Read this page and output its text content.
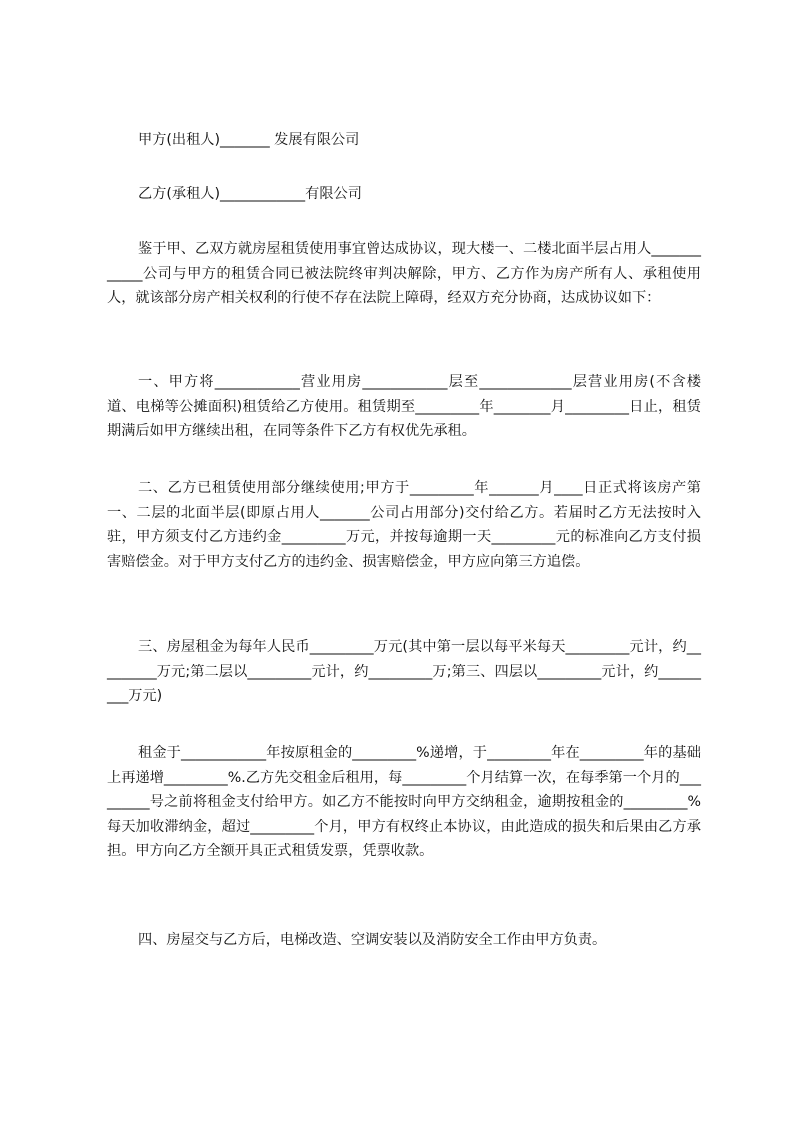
甲方(出租人)_______ 发展有限公司
乙方(承租人)____________有限公司

鉴于甲、乙双方就房屋租赁使用事宜曾达成协议，现大楼一、二楼北面半层占用人____________公司与甲方的租赁合同已被法院终审判决解除，甲方、乙方作为房产所有人、承租使用人，就该部分房产相关权利的行使不存在法院上障碍，经双方充分协商，达成协议如下：

一、甲方将____________营业用房____________层至_____________层营业用房(不含楼道、电梯等公摊面积)租赁给乙方使用。租赁期至_________年________月_________日止，租赁期满后如甲方继续出租，在同等条件下乙方有权优先承租。

二、乙方已租赁使用部分继续使用;甲方于_________年_______月____日正式将该房产第一、二层的北面半层(即原占用人_______公司占用部分)交付给乙方。若届时乙方无法按时入驻，甲方须支付乙方违约金_________万元，并按每逾期一天_________元的标准向乙方支付损害赔偿金。对于甲方支付乙方的违约金、损害赔偿金，甲方应向第三方追偿。

三、房屋租金为每年人民币_________万元(其中第一层以每平米每天_________元计，约_________万元;第二层以_________元计，约_________万;第三、四层以_________元计，约_________万元)

租金于____________年按原租金的_________%递增，于_________年在_________年的基础上再递增_________%.乙方先交租金后租用，每_________个月结算一次，在每季第一个月的_________号之前将租金支付给甲方。如乙方不能按时向甲方交纳租金，逾期按租金的_________%每天加收滞纳金，超过_________个月，甲方有权终止本协议，由此造成的损失和后果由乙方承担。甲方向乙方全额开具正式租赁发票，凭票收款。

四、房屋交与乙方后，电梯改造、空调安装以及消防安全工作由甲方负责。
